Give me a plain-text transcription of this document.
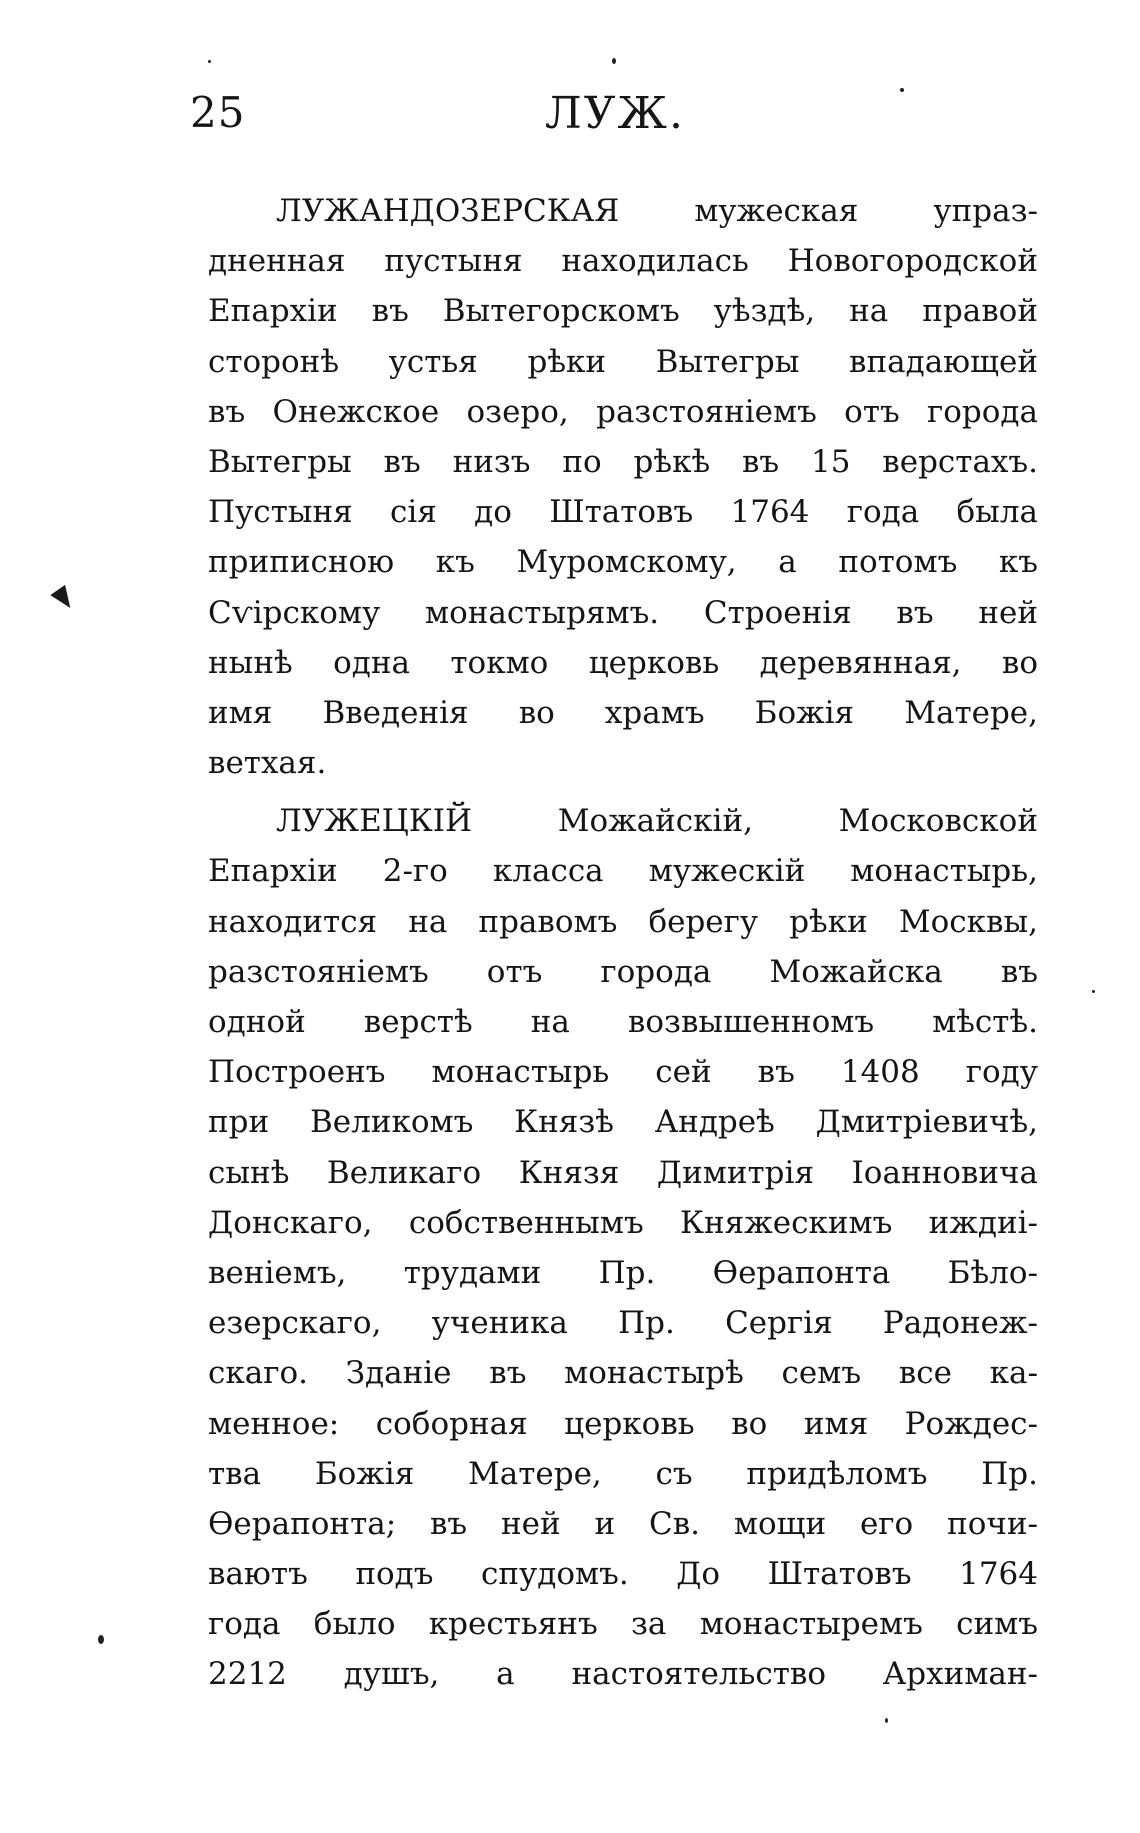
25	ЛУЖ.
ЛУЖАНДОЗЕРСКАЯ мужеская упраз-
дненная пустыня находилась Новогородской
Епархіи въ Вытегорскомъ уѣздѣ, на правой
сторонѣ устья рѣки Вытегры впадающей
въ Онежское озеро, разстояніемъ отъ города
Вытегры въ низъ по рѣкѣ въ 15 верстахъ.
Пустыня сія до Штатовъ 1764 года была
приписною къ Муромскому, а потомъ къ
Сѵірскому монастырямъ. Строенія въ ней
нынѣ одна токмо церковь деревянная, во
имя Введенія во храмъ Божія Матере,
ветхая.
ЛУЖЕЦКІЙ Можайскій, Московской
Епархіи 2-го класса мужескій монастырь,
находится на правомъ берегу рѣки Москвы,
разстояніемъ отъ города Можайска въ
одной верстѣ на возвышенномъ мѣстѣ.
Построенъ монастырь сей въ 1408 году
при Великомъ Князѣ Андреѣ Дмитріевичѣ,
сынѣ Великаго Князя Димитрія Іоанновича
Донскаго, собственнымъ Княжескимъ иждиі-
веніемъ, трудами Пр. Өерапонта Бѣло-
езерскаго, ученика Пр. Сергія Радонеж-
скаго. Зданіе въ монастырѣ семъ все ка-
менное: соборная церковь во имя Рождес-
тва Божія Матере, съ придѣломъ Пр.
Өерапонта; въ ней и Св. мощи его почи-
ваютъ подъ спудомъ. До Штатовъ 1764
года было крестьянъ за монастыремъ симъ
2212 душъ, а настоятельство Архиман-
